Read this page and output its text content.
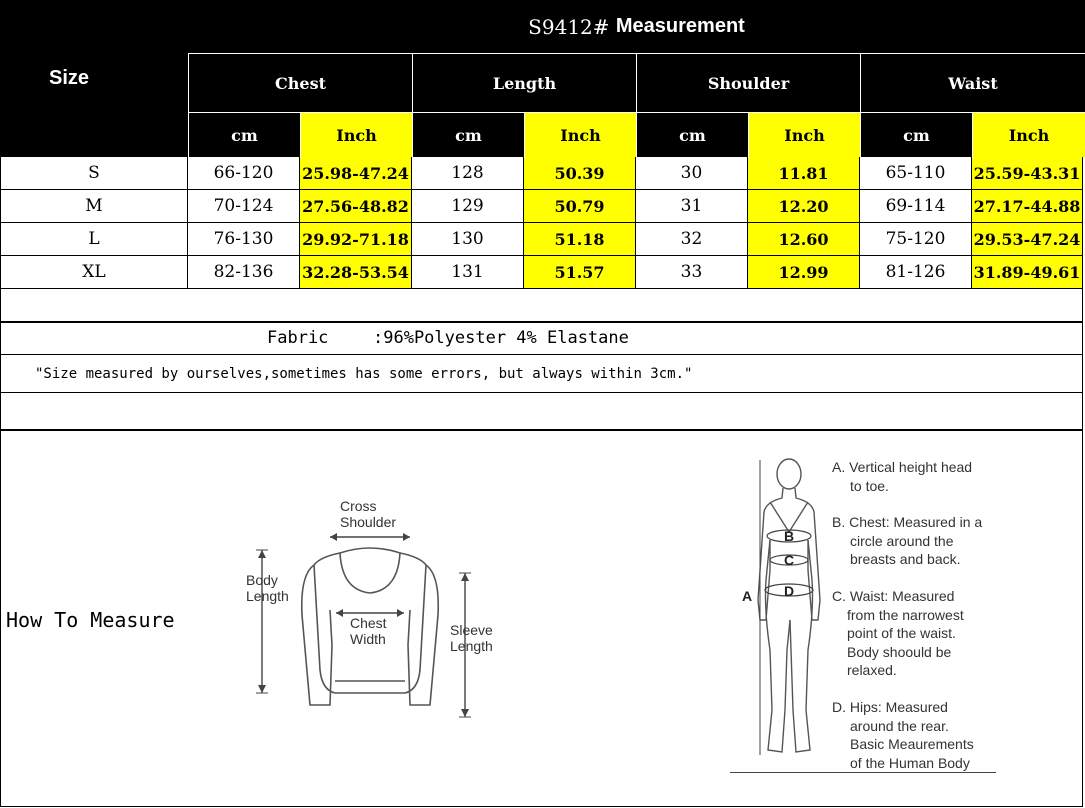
Size
S9412#
Measurement
Chest	Length	Shoulder	Waist
cm	Inch	cm	Inch	cm	Inch	cm	Inch
S	66-120	25.98-47.24	128	50.39	30	11.81	65-110	25.59-43.31
M	70-124	27.56-48.82	129	50.79	31	12.20	69-114	27.17-44.88
L	76-130	29.92-71.18	130	51.18	32	12.60	75-120	29.53-47.24
XL	82-136	32.28-53.54	131	51.57	33	12.99	81-126	31.89-49.61
Fabric	:96%Polyester 4% Elastane
"Size measured by ourselves,sometimes has some errors, but always within 3cm."
How To Measure
Cross Shoulder
Body Length
Chest Width
Sleeve Length
A
B
C
D
A. Vertical height head
to toe.
B. Chest: Measured in a
circle around the
breasts and back.
C. Waist: Measured
from the narrowest
point of the waist.
Body shoould be
relaxed.
D. Hips: Measured
around the rear.
Basic Meaurements
of the Human Body
